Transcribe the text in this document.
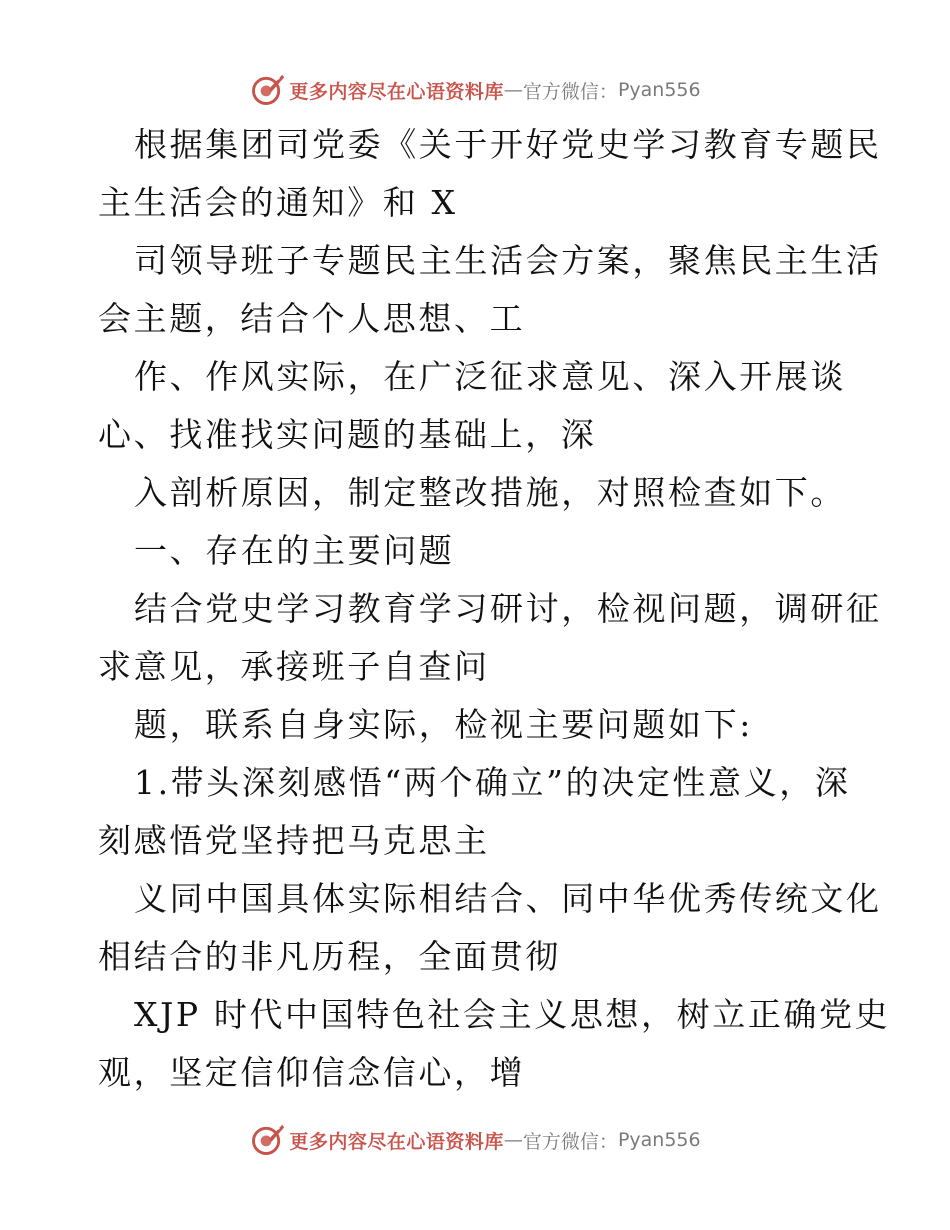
更多内容尽在心语资料库 — 官方微信： Pyan556

根据集团司党委《关于开好党史学习教育专题民

主生活会的通知》和 X

司领导班子专题民主生活会方案，聚焦民主生活

会主题，结合个人思想、工

作、作风实际，在广泛征求意见、深入开展谈

心、找准找实问题的基础上，深

入剖析原因，制定整改措施，对照检查如下。

一、存在的主要问题

结合党史学习教育学习研讨，检视问题，调研征

求意见，承接班子自查问

题，联系自身实际，检视主要问题如下:

1.带头深刻感悟“两个确立”的决定性意义，深

刻感悟党坚持把马克思主

义同中国具体实际相结合、同中华优秀传统文化

相结合的非凡历程，全面贯彻

XJP 时代中国特色社会主义思想，树立正确党史

观，坚定信仰信念信心，增

更多内容尽在心语资料库 — 官方微信： Pyan556
